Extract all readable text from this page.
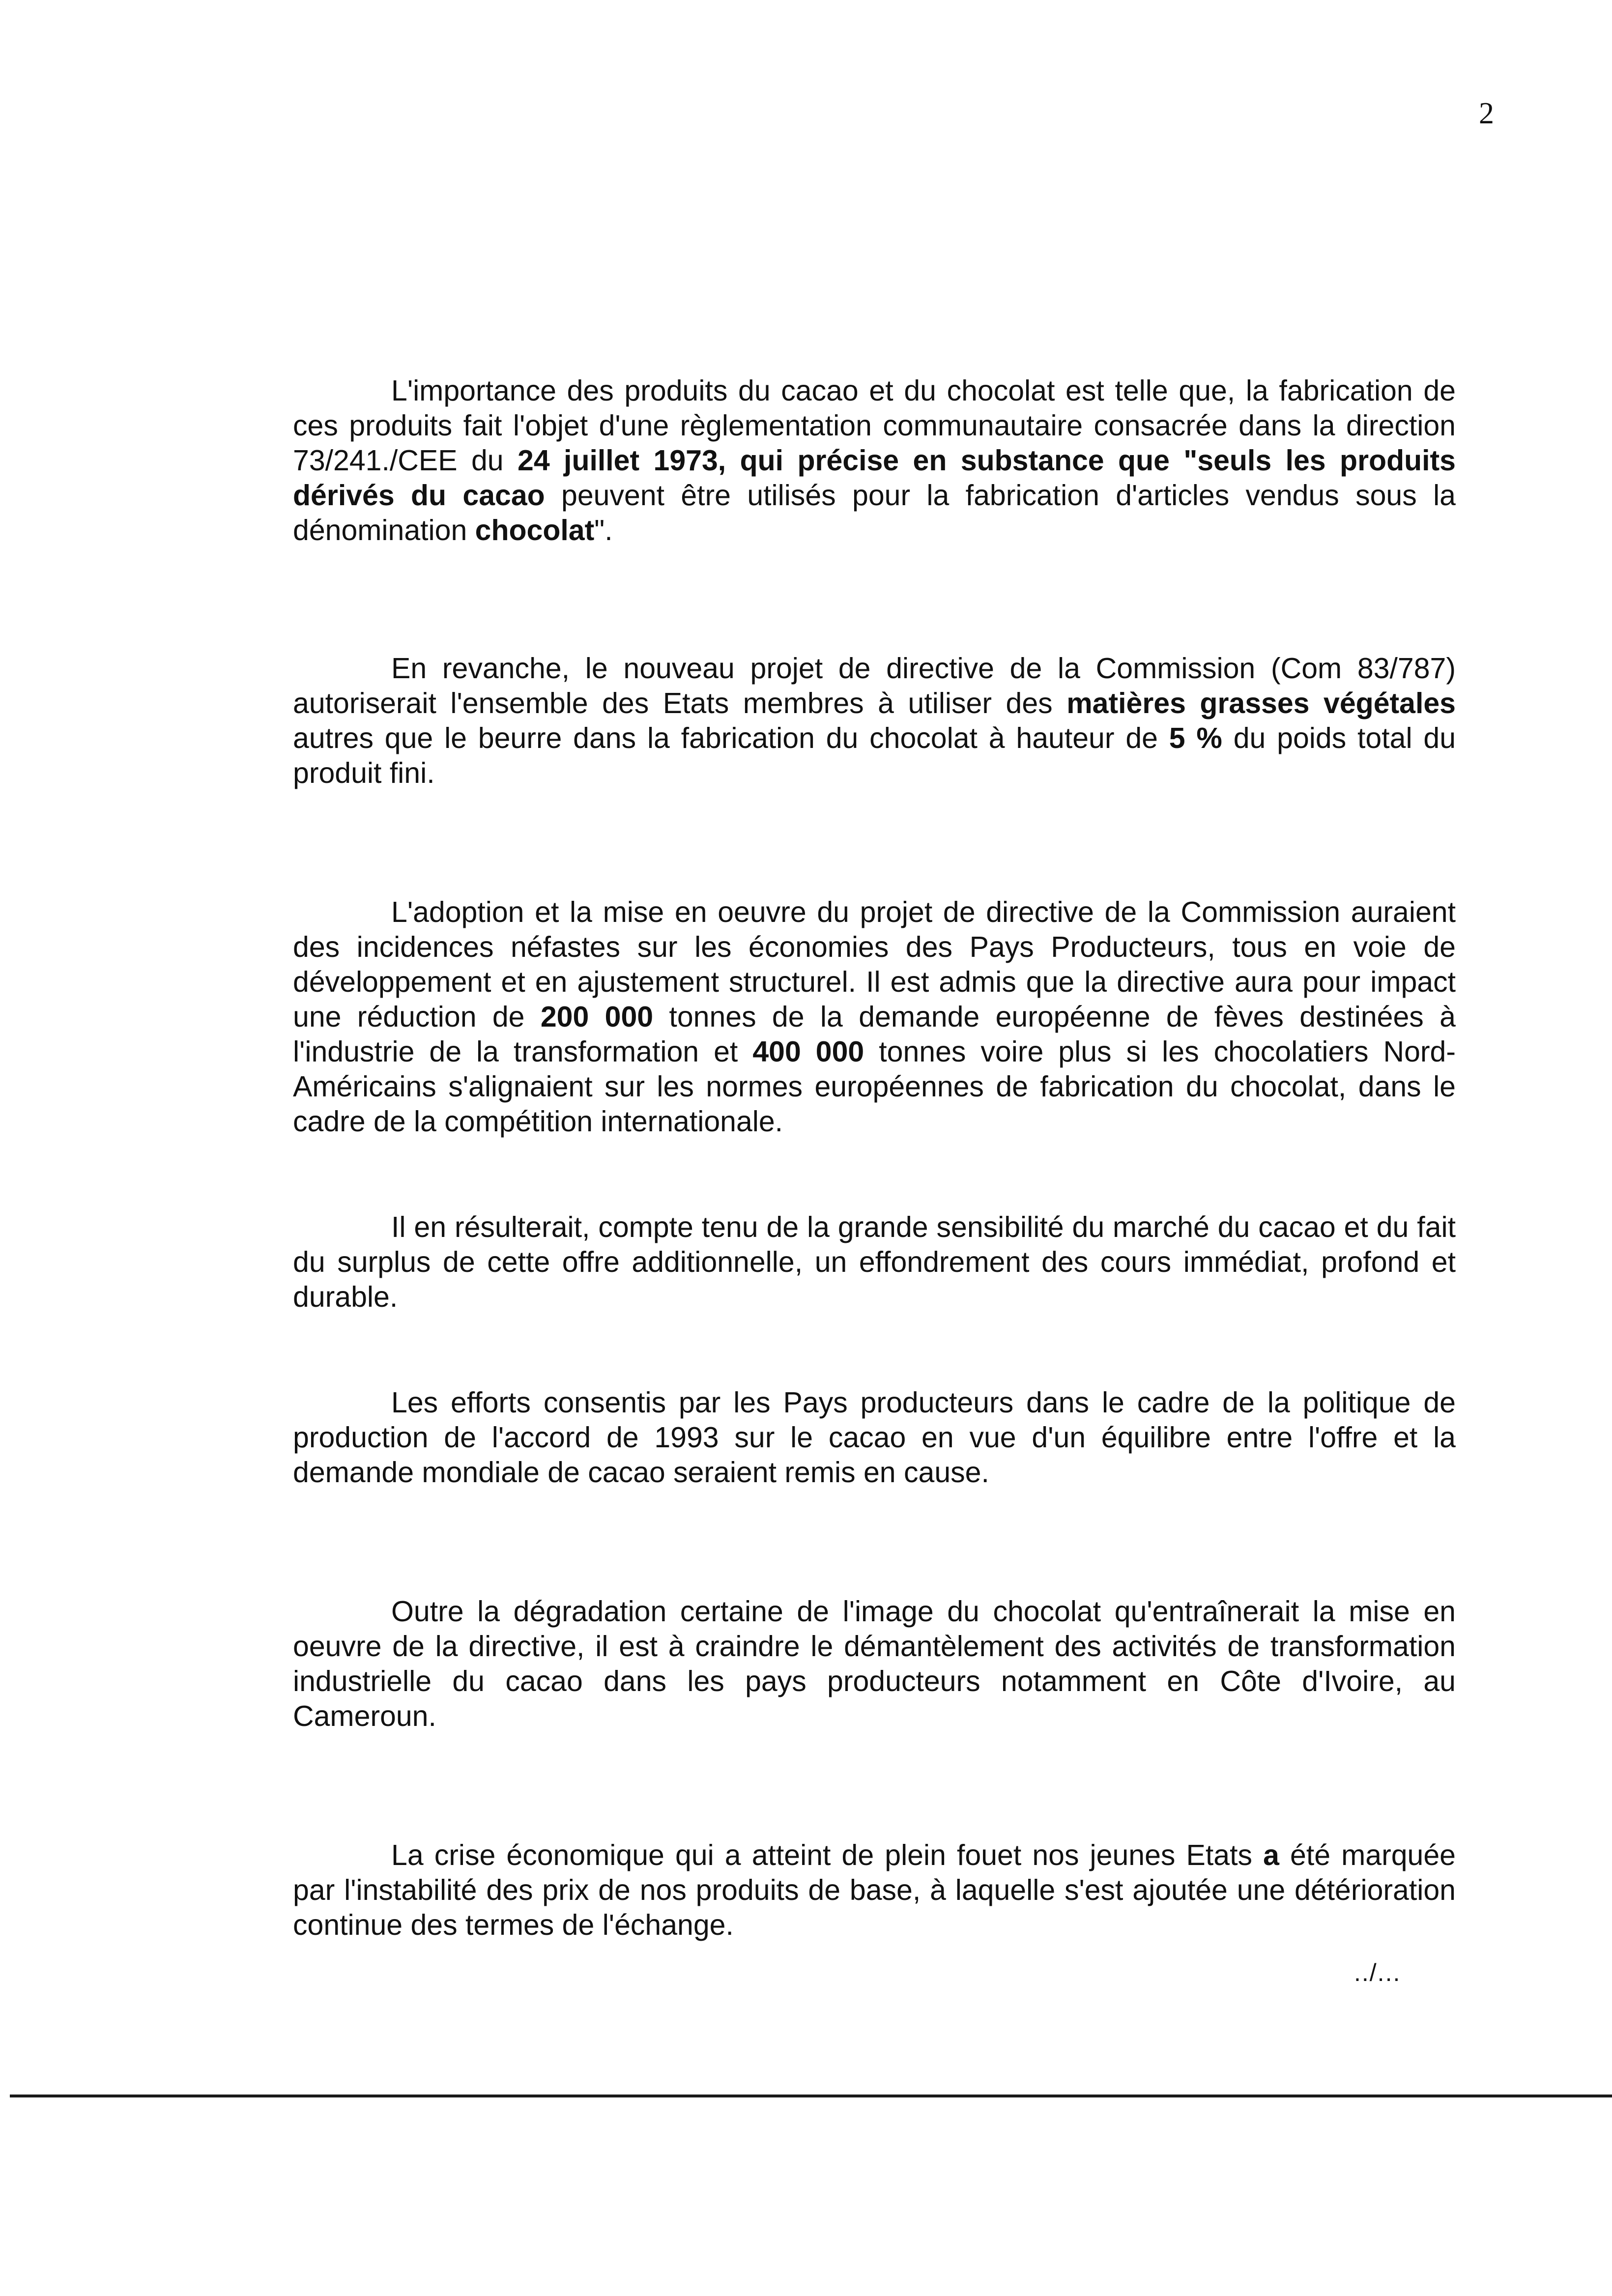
2

L'importance des produits du cacao et du chocolat est telle que, la fabrication de ces produits fait l'objet d'une règlementation communautaire consacrée dans la direction 73/241./CEE du 24 juillet 1973, qui précise en substance que "seuls les produits dérivés du cacao peuvent être utilisés pour la fabrication d'articles vendus sous la dénomination chocolat".

En revanche, le nouveau projet de directive de la Commission (Com 83/787) autoriserait l'ensemble des Etats membres à utiliser des matières grasses végétales autres que le beurre dans la fabrication du chocolat à hauteur de 5 % du poids total du produit fini.

L'adoption et la mise en oeuvre du projet de directive de la Commission auraient des incidences néfastes sur les économies des Pays Producteurs, tous en voie de développement et en ajustement structurel. Il est admis que la directive aura pour impact une réduction de 200 000 tonnes de la demande européenne de fèves destinées à l'industrie de la transformation et 400 000 tonnes voire plus si les chocolatiers Nord-Américains s'alignaient sur les normes européennes de fabrication du chocolat, dans le cadre de la compétition internationale.

Il en résulterait, compte tenu de la grande sensibilité du marché du cacao et du fait du surplus de cette offre additionnelle, un effondrement des cours immédiat, profond et durable.

Les efforts consentis par les Pays producteurs dans le cadre de la politique de production de l'accord de 1993 sur le cacao en vue d'un équilibre entre l'offre et la demande mondiale de cacao seraient remis en cause.

Outre la dégradation certaine de l'image du chocolat qu'entraînerait la mise en oeuvre de la directive, il est à craindre le démantèlement des activités de transformation industrielle du cacao dans les pays producteurs notamment en Côte d'Ivoire, au Cameroun.

La crise économique qui a atteint de plein fouet nos jeunes Etats a été marquée par l'instabilité des prix de nos produits de base, à laquelle s'est ajoutée une détérioration continue des termes de l'échange.

../...
